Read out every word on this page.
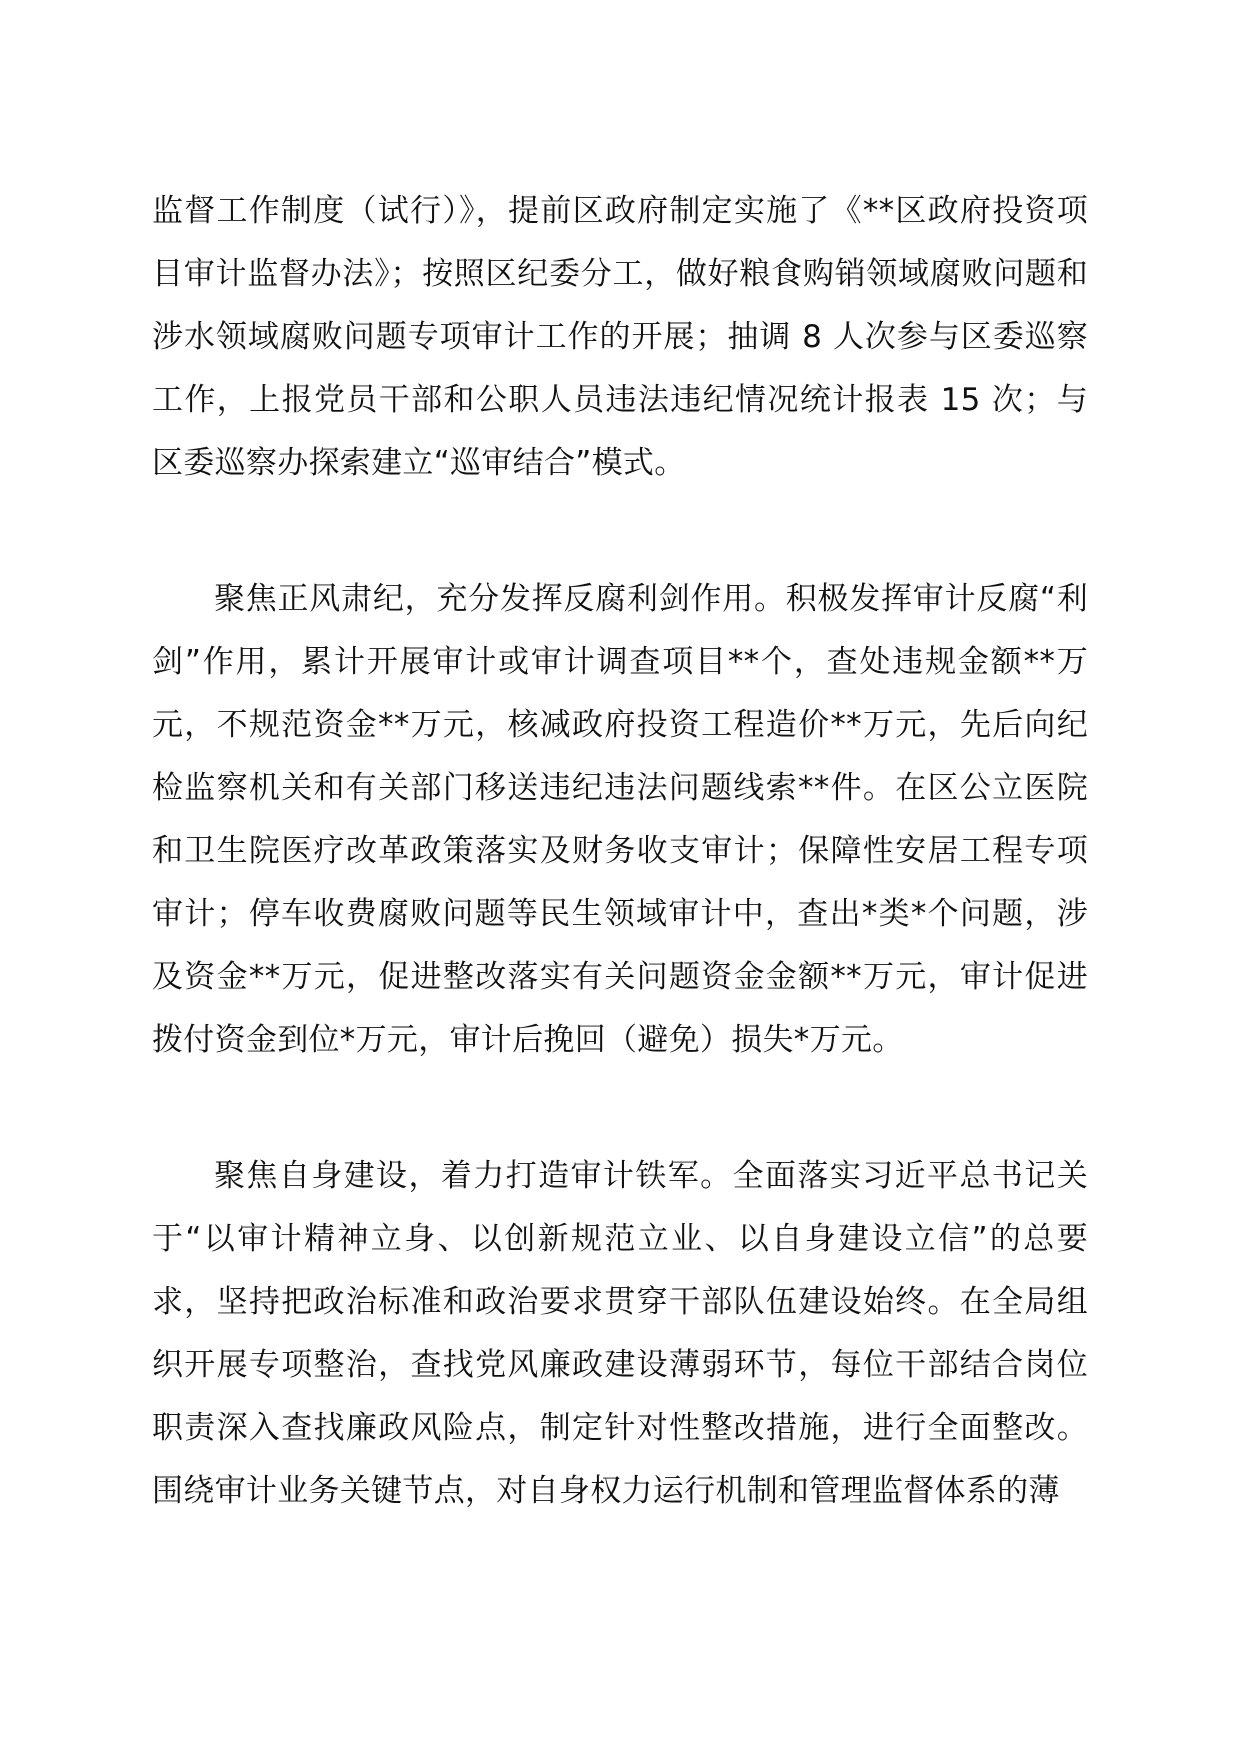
监督工作制度（试行）》，提前区政府制定实施了《**区政府投资项目审计监督办法》；按照区纪委分工，做好粮食购销领域腐败问题和涉水领域腐败问题专项审计工作的开展；抽调 8 人次参与区委巡察工作，上报党员干部和公职人员违法违纪情况统计报表 15 次；与区委巡察办探索建立“巡审结合”模式。

聚焦正风肃纪，充分发挥反腐利剑作用。积极发挥审计反腐“利剑”作用，累计开展审计或审计调查项目**个，查处违规金额**万元，不规范资金**万元，核减政府投资工程造价**万元，先后向纪检监察机关和有关部门移送违纪违法问题线索**件。在区公立医院和卫生院医疗改革政策落实及财务收支审计；保障性安居工程专项审计；停车收费腐败问题等民生领域审计中，查出*类*个问题，涉及资金**万元，促进整改落实有关问题资金金额**万元，审计促进拨付资金到位*万元，审计后挽回（避免）损失*万元。

聚焦自身建设，着力打造审计铁军。全面落实习近平总书记关于“以审计精神立身、以创新规范立业、以自身建设立信”的总要求，坚持把政治标准和政治要求贯穿干部队伍建设始终。在全局组织开展专项整治，查找党风廉政建设薄弱环节，每位干部结合岗位职责深入查找廉政风险点，制定针对性整改措施，进行全面整改。围绕审计业务关键节点，对自身权力运行机制和管理监督体系的薄
